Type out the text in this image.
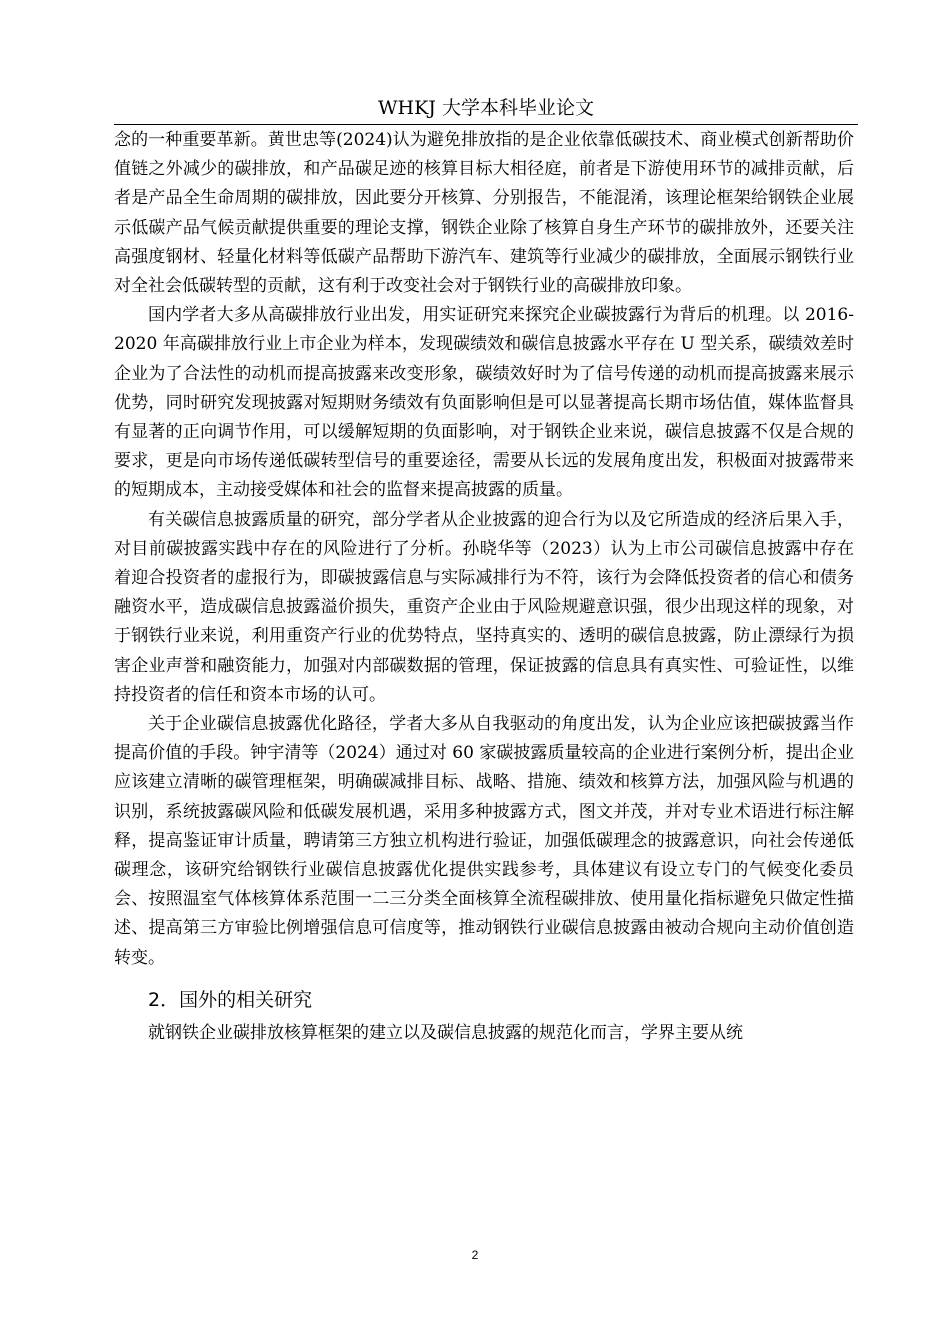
WHKJ 大学本科毕业论文

念的一种重要革新。黄世忠等(2024)认为避免排放指的是企业依靠低碳技术、商业模式创新帮助价值链之外减少的碳排放，和产品碳足迹的核算目标大相径庭，前者是下游使用环节的减排贡献，后者是产品全生命周期的碳排放，因此要分开核算、分别报告，不能混淆，该理论框架给钢铁企业展示低碳产品气候贡献提供重要的理论支撑，钢铁企业除了核算自身生产环节的碳排放外，还要关注高强度钢材、轻量化材料等低碳产品帮助下游汽车、建筑等行业减少的碳排放，全面展示钢铁行业对全社会低碳转型的贡献，这有利于改变社会对于钢铁行业的高碳排放印象。

国内学者大多从高碳排放行业出发，用实证研究来探究企业碳披露行为背后的机理。以 2016-2020 年高碳排放行业上市企业为样本，发现碳绩效和碳信息披露水平存在 U 型关系，碳绩效差时企业为了合法性的动机而提高披露来改变形象，碳绩效好时为了信号传递的动机而提高披露来展示优势，同时研究发现披露对短期财务绩效有负面影响但是可以显著提高长期市场估值，媒体监督具有显著的正向调节作用，可以缓解短期的负面影响，对于钢铁企业来说，碳信息披露不仅是合规的要求，更是向市场传递低碳转型信号的重要途径，需要从长远的发展角度出发，积极面对披露带来的短期成本，主动接受媒体和社会的监督来提高披露的质量。

有关碳信息披露质量的研究，部分学者从企业披露的迎合行为以及它所造成的经济后果入手，对目前碳披露实践中存在的风险进行了分析。孙晓华等（2023）认为上市公司碳信息披露中存在着迎合投资者的虚报行为，即碳披露信息与实际减排行为不符，该行为会降低投资者的信心和债务融资水平，造成碳信息披露溢价损失，重资产企业由于风险规避意识强，很少出现这样的现象，对于钢铁行业来说，利用重资产行业的优势特点，坚持真实的、透明的碳信息披露，防止漂绿行为损害企业声誉和融资能力，加强对内部碳数据的管理，保证披露的信息具有真实性、可验证性，以维持投资者的信任和资本市场的认可。

关于企业碳信息披露优化路径，学者大多从自我驱动的角度出发，认为企业应该把碳披露当作提高价值的手段。钟宇清等（2024）通过对 60 家碳披露质量较高的企业进行案例分析，提出企业应该建立清晰的碳管理框架，明确碳减排目标、战略、措施、绩效和核算方法，加强风险与机遇的识别，系统披露碳风险和低碳发展机遇，采用多种披露方式，图文并茂，并对专业术语进行标注解释，提高鉴证审计质量，聘请第三方独立机构进行验证，加强低碳理念的披露意识，向社会传递低碳理念，该研究给钢铁行业碳信息披露优化提供实践参考，具体建议有设立专门的气候变化委员会、按照温室气体核算体系范围一二三分类全面核算全流程碳排放、使用量化指标避免只做定性描述、提高第三方审验比例增强信息可信度等，推动钢铁行业碳信息披露由被动合规向主动价值创造转变。

2．国外的相关研究

就钢铁企业碳排放核算框架的建立以及碳信息披露的规范化而言，学界主要从统

2
